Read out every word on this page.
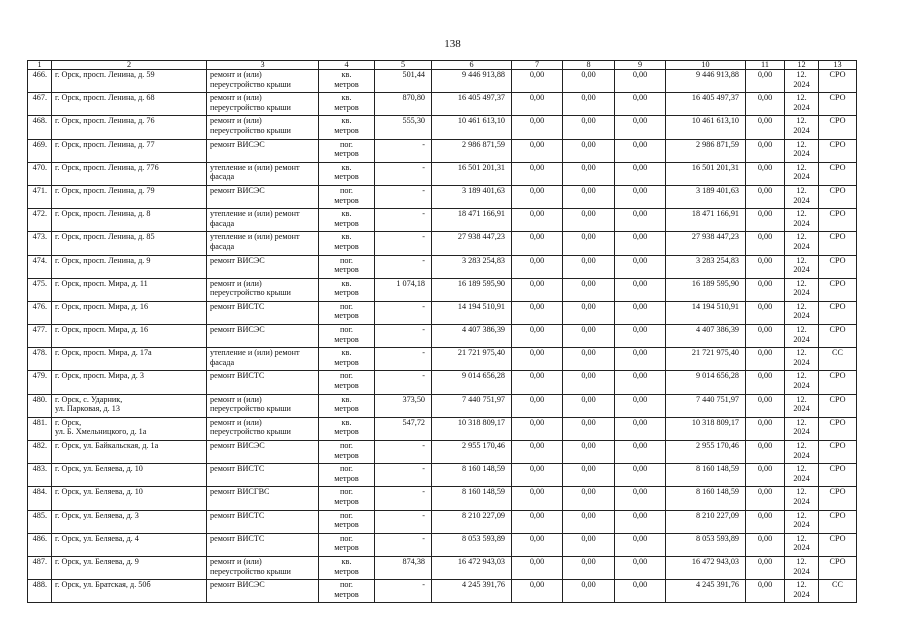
138
1	2	3	4	5	6	7	8	9	10	11	12	13
466.	г. Орск, просп. Ленина, д. 59	ремонт и (или)
переустройство крыши	кв.
метров	501,44	9 446 913,88	0,00	0,00	0,00	9 446 913,88	0,00	12.
2024	СРО
467.	г. Орск, просп. Ленина, д. 68	ремонт и (или)
переустройство крыши	кв.
метров	870,80	16 405 497,37	0,00	0,00	0,00	16 405 497,37	0,00	12.
2024	СРО
468.	г. Орск, просп. Ленина, д. 76	ремонт и (или)
переустройство крыши	кв.
метров	555,30	10 461 613,10	0,00	0,00	0,00	10 461 613,10	0,00	12.
2024	СРО
469.	г. Орск, просп. Ленина, д. 77	ремонт ВИСЭС	пог.
метров	-	2 986 871,59	0,00	0,00	0,00	2 986 871,59	0,00	12.
2024	СРО
470.	г. Орск, просп. Ленина, д. 776	утепление и (или) ремонт
фасада	кв.
метров	-	16 501 201,31	0,00	0,00	0,00	16 501 201,31	0,00	12.
2024	СРО
471.	г. Орск, просп. Ленина, д. 79	ремонт ВИСЭС	пог.
метров	-	3 189 401,63	0,00	0,00	0,00	3 189 401,63	0,00	12.
2024	СРО
472.	г. Орск, просп. Ленина, д. 8	утепление и (или) ремонт
фасада	кв.
метров	-	18 471 166,91	0,00	0,00	0,00	18 471 166,91	0,00	12.
2024	СРО
473.	г. Орск, просп. Ленина, д. 85	утепление и (или) ремонт
фасада	кв.
метров	-	27 938 447,23	0,00	0,00	0,00	27 938 447,23	0,00	12.
2024	СРО
474.	г. Орск, просп. Ленина, д. 9	ремонт ВИСЭС	пог.
метров	-	3 283 254,83	0,00	0,00	0,00	3 283 254,83	0,00	12.
2024	СРО
475.	г. Орск, просп. Мира, д. 11	ремонт и (или)
переустройство крыши	кв.
метров	1 074,18	16 189 595,90	0,00	0,00	0,00	16 189 595,90	0,00	12.
2024	СРО
476.	г. Орск, просп. Мира, д. 16	ремонт ВИСТС	пог.
метров	-	14 194 510,91	0,00	0,00	0,00	14 194 510,91	0,00	12.
2024	СРО
477.	г. Орск, просп. Мира, д. 16	ремонт ВИСЭС	пог.
метров	-	4 407 386,39	0,00	0,00	0,00	4 407 386,39	0,00	12.
2024	СРО
478.	г. Орск, просп. Мира, д. 17а	утепление и (или) ремонт
фасада	кв.
метров	-	21 721 975,40	0,00	0,00	0,00	21 721 975,40	0,00	12.
2024	СС
479.	г. Орск, просп. Мира, д. 3	ремонт ВИСТС	пог.
метров	-	9 014 656,28	0,00	0,00	0,00	9 014 656,28	0,00	12.
2024	СРО
480.	г. Орск, с. Ударник,
ул. Парковая, д. 13	ремонт и (или)
переустройство крыши	кв.
метров	373,50	7 440 751,97	0,00	0,00	0,00	7 440 751,97	0,00	12.
2024	СРО
481.	г. Орск,
ул. Б. Хмельницкого, д. 1а	ремонт и (или)
переустройство крыши	кв.
метров	547,72	10 318 809,17	0,00	0,00	0,00	10 318 809,17	0,00	12.
2024	СРО
482.	г. Орск, ул. Байкальская, д. 1а	ремонт ВИСЭС	пог.
метров	-	2 955 170,46	0,00	0,00	0,00	2 955 170,46	0,00	12.
2024	СРО
483.	г. Орск, ул. Беляева, д. 10	ремонт ВИСТС	пог.
метров	-	8 160 148,59	0,00	0,00	0,00	8 160 148,59	0,00	12.
2024	СРО
484.	г. Орск, ул. Беляева, д. 10	ремонт ВИСГВС	пог.
метров	-	8 160 148,59	0,00	0,00	0,00	8 160 148,59	0,00	12.
2024	СРО
485.	г. Орск, ул. Беляева, д. 3	ремонт ВИСТС	пог.
метров	-	8 210 227,09	0,00	0,00	0,00	8 210 227,09	0,00	12.
2024	СРО
486.	г. Орск, ул. Беляева, д. 4	ремонт ВИСТС	пог.
метров	-	8 053 593,89	0,00	0,00	0,00	8 053 593,89	0,00	12.
2024	СРО
487.	г. Орск, ул. Беляева, д. 9	ремонт и (или)
переустройство крыши	кв.
метров	874,38	16 472 943,03	0,00	0,00	0,00	16 472 943,03	0,00	12.
2024	СРО
488.	г. Орск, ул. Братская, д. 50б	ремонт ВИСЭС	пог.
метров	-	4 245 391,76	0,00	0,00	0,00	4 245 391,76	0,00	12.
2024	СС
